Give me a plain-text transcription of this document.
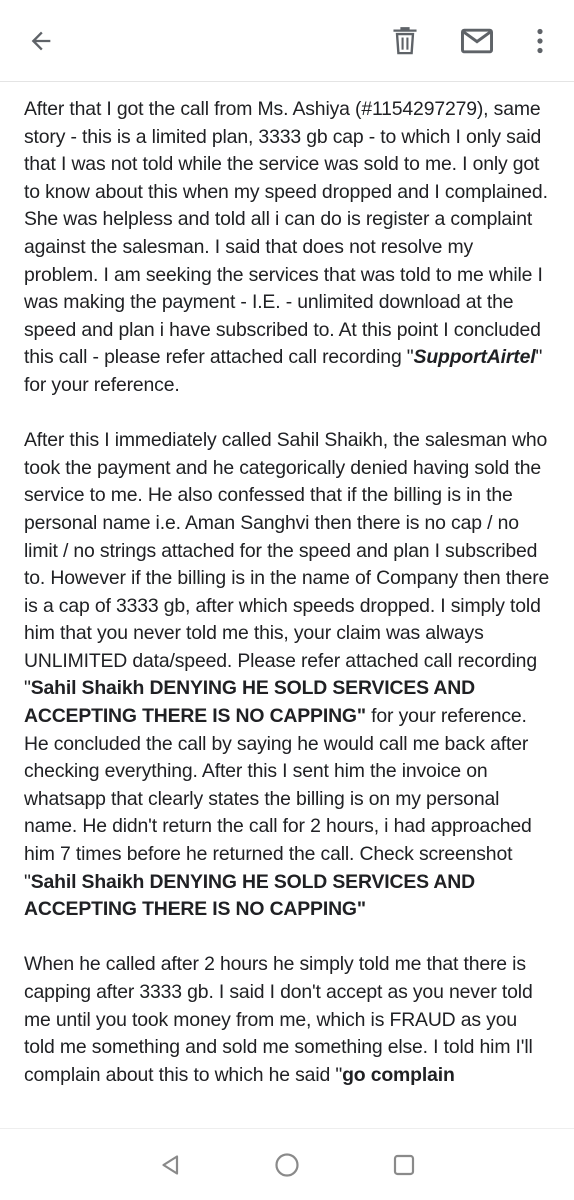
After that I got the call from Ms. Ashiya (#1154297279), same story - this is a limited plan, 3333 gb cap - to which I only said that I was not told while the service was sold to me. I only got to know about this when my speed dropped and I complained. She was helpless and told all i can do is register a complaint against the salesman. I said that does not resolve my problem. I am seeking the services that was told to me while I was making the payment - I.E. - unlimited download at the speed and plan i have subscribed to. At this point I concluded this call - please refer attached call recording "SupportAirtel" for your reference.

After this I immediately called Sahil Shaikh, the salesman who took the payment and he categorically denied having sold the service to me. He also confessed that if the billing is in the personal name i.e. Aman Sanghvi then there is no cap / no limit / no strings attached for the speed and plan I subscribed to. However if the billing is in the name of Company then there is a cap of 3333 gb, after which speeds dropped. I simply told him that you never told me this, your claim was always UNLIMITED data/speed. Please refer attached call recording "Sahil Shaikh DENYING HE SOLD SERVICES AND ACCEPTING THERE IS NO CAPPING" for your reference. He concluded the call by saying he would call me back after checking everything. After this I sent him the invoice on whatsapp that clearly states the billing is on my personal name. He didn't return the call for 2 hours, i had approached him 7 times before he returned the call. Check screenshot "Sahil Shaikh DENYING HE SOLD SERVICES AND ACCEPTING THERE IS NO CAPPING"

When he called after 2 hours he simply told me that there is capping after 3333 gb. I said I don't accept as you never told me until you took money from me, which is FRAUD as you told me something and sold me something else. I told him I'll complain about this to which he said "go complain
